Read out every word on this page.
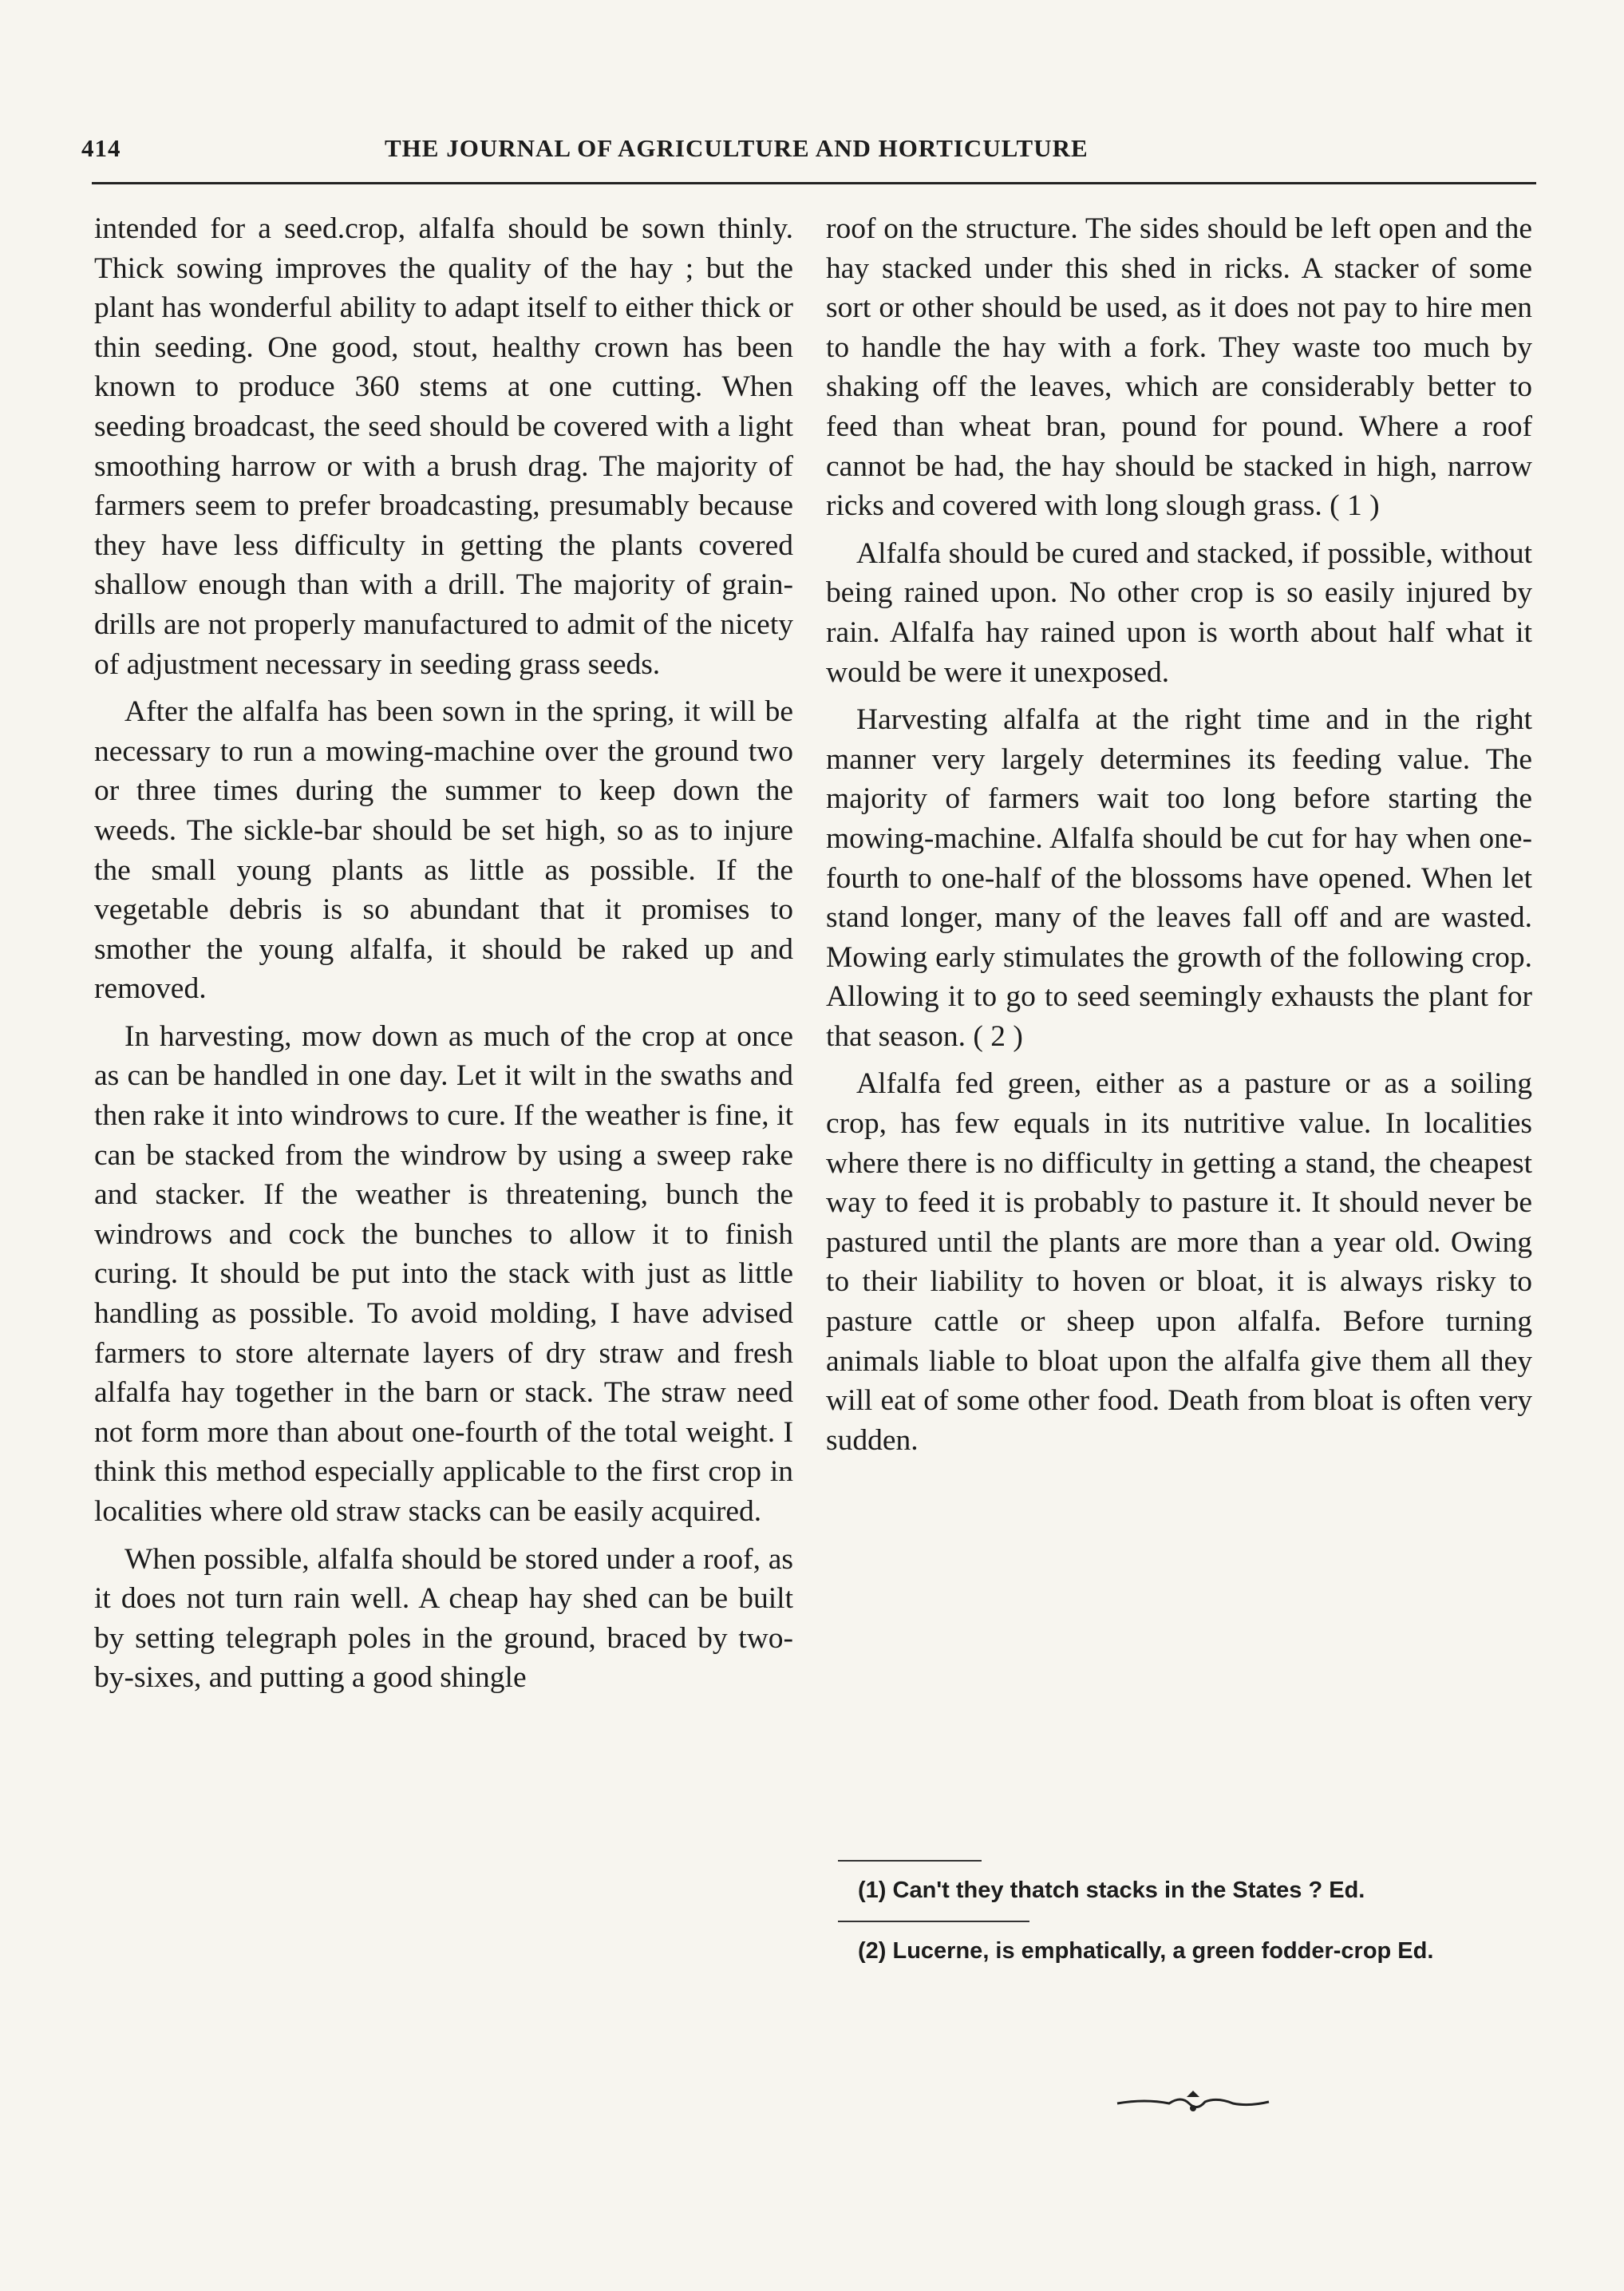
414	THE JOURNAL OF AGRICULTURE AND HORTICULTURE

intended for a seed.crop, alfalfa should be sown thinly. Thick sowing improves the quality of the hay ; but the plant has wonderful ability to adapt itself to either thick or thin seeding. One good, stout, healthy crown has been known to produce 360 stems at one cutting. When seeding broadcast, the seed should be covered with a light smoothing harrow or with a brush drag. The majority of farmers seem to prefer broadcasting, presumably because they have less difficulty in getting the plants covered shallow enough than with a drill. The majority of grain-drills are not properly manufactured to admit of the nicety of adjustment necessary in seeding grass seeds.

After the alfalfa has been sown in the spring, it will be necessary to run a mowing-machine over the ground two or three times during the summer to keep down the weeds. The sickle-bar should be set high, so as to injure the small young plants as little as possible. If the vegetable debris is so abundant that it promises to smother the young alfalfa, it should be raked up and removed.

In harvesting, mow down as much of the crop at once as can be handled in one day. Let it wilt in the swaths and then rake it into windrows to cure. If the weather is fine, it can be stacked from the windrow by using a sweep rake and stacker. If the weather is threatening, bunch the windrows and cock the bunches to allow it to finish curing. It should be put into the stack with just as little handling as possible. To avoid molding, I have advised farmers to store alternate layers of dry straw and fresh alfalfa hay together in the barn or stack. The straw need not form more than about one-fourth of the total weight. I think this method especially applicable to the first crop in localities where old straw stacks can be easily acquired.

When possible, alfalfa should be stored under a roof, as it does not turn rain well. A cheap hay shed can be built by setting telegraph poles in the ground, braced by two-by-sixes, and putting a good shingle

roof on the structure. The sides should be left open and the hay stacked under this shed in ricks. A stacker of some sort or other should be used, as it does not pay to hire men to handle the hay with a fork. They waste too much by shaking off the leaves, which are considerably better to feed than wheat bran, pound for pound. Where a roof cannot be had, the hay should be stacked in high, narrow ricks and covered with long slough grass. ( 1 )

Alfalfa should be cured and stacked, if possible, without being rained upon. No other crop is so easily injured by rain. Alfalfa hay rained upon is worth about half what it would be were it unexposed.

Harvesting alfalfa at the right time and in the right manner very largely determines its feeding value. The majority of farmers wait too long before starting the mowing-machine. Alfalfa should be cut for hay when one-fourth to one-half of the blossoms have opened. When let stand longer, many of the leaves fall off and are wasted. Mowing early stimulates the growth of the following crop. Allowing it to go to seed seemingly exhausts the plant for that season. ( 2 )

Alfalfa fed green, either as a pasture or as a soiling crop, has few equals in its nutritive value. In localities where there is no difficulty in getting a stand, the cheapest way to feed it is probably to pasture it. It should never be pastured until the plants are more than a year old. Owing to their liability to hoven or bloat, it is always risky to pasture cattle or sheep upon alfalfa. Before turning animals liable to bloat upon the alfalfa give them all they will eat of some other food. Death from bloat is often very sudden.

(1) Can't they thatch stacks in the States ? Ed.
(2) Lucerne, is emphatically, a green fodder-crop Ed.
